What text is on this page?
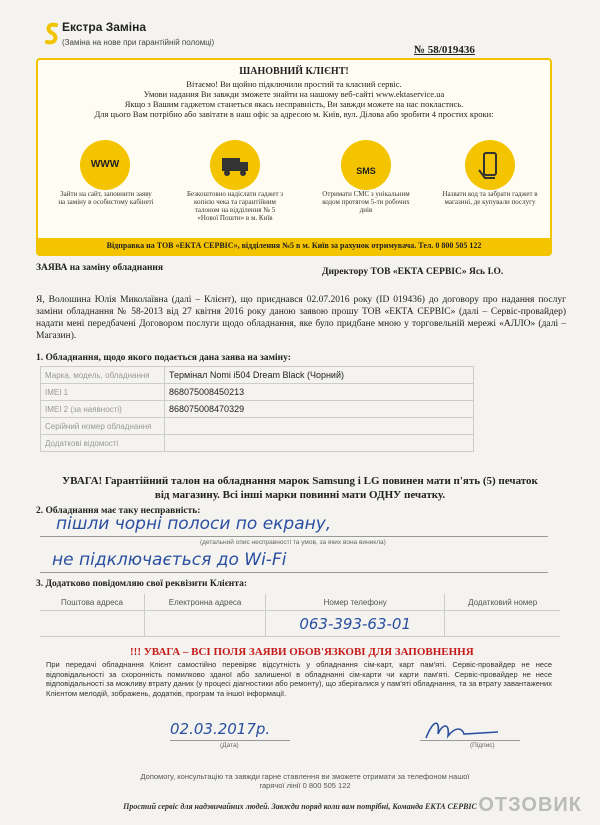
Екстра Заміна
(Заміна на нове при гарантійній поломці)
№ 58/019436
ШАНОВНИЙ КЛІЄНТ!
Вітаємо! Ви щойно підключили простий та класний сервіс.
Умови надання Ви завжди зможете знайти на нашому веб-сайті www.ektaservice.ua
Якщо з Вашим гаджетом станеться якась несправність, Ви завжди можете на нас покластись.
Для цього Вам потрібно або завітати в наш офіс за адресою м. Київ, вул. Ділова або зробити 4 простих кроки:
WWW
SMS
Зайти на сайт, заповнити заяву на заміну в особистому кабінеті
Безкоштовно надіслати гаджет з копією чека та гарантійним талоном на відділення № 5 «Нової Пошти» в м. Київ
Отримати СМС з унікальним кодом протягом 5-ти робочих днів
Назвати код та забрати гаджет в магазині, де купували послугу
Відправка на ТОВ «ЕКТА СЕРВІС», відділення №5 в м. Київ за рахунок отримувача. Тел. 0 800 505 122
ЗАЯВА на заміну обладнання	Директору ТОВ «ЕКТА СЕРВІС» Ясь І.О.
Я, Волошина Юлія Миколаївна (далі – Клієнт), що приєднався 02.07.2016 року (ID 019436) до договору про надання послуг заміни обладнання № 58-2013 від 27 квітня 2016 року даною заявою прошу ТОВ «ЕКТА СЕРВІС» (далі – Сервіс-провайдер) надати мені передбачені Договором послуги щодо обладнання, яке було придбане мною у торговельній мережі «АЛЛО» (далі – Магазин).
1. Обладнання, щодо якого подається дана заява на заміну:
Марка, модель, обладнання	Термінал Nomi i504 Dream Black (Чорний)
IMEI 1	868075008450213
IMEI 2 (за наявності)	868075008470329
Серійний номер обладнання	
Додаткові відомості	
УВАГА! Гарантійний талон на обладнання марок Samsung і LG повинен мати п'ять (5) печаток від магазину. Всі інші марки повинні мати ОДНУ печатку.
2. Обладнання має таку несправність:
пішли чорні полоси по екрану,
(детальний опис несправності та умов, за яких вона виникла)
не підключається до Wi-Fi
3. Додатково повідомляю свої реквізити Клієнта:
Поштова адреса	Електронна адреса	Номер телефону	Додатковий номер
		063-393-63-01	
!!! УВАГА – ВСІ ПОЛЯ ЗАЯВИ ОБОВ'ЯЗКОВІ ДЛЯ ЗАПОВНЕННЯ
При передачі обладнання Клієнт самостійно перевіряє відсутність у обладнання сім-карт, карт пам'яті. Сервіс-провайдер не несе відповідальності за схоронність помилково зданої або залишеної в обладнанні сім-карти чи карти пам'яті. Сервіс-провайдер не несе відповідальності за можливу втрату даних (у процесі діагностики або ремонту), що зберігалися у пам'яті обладнання, та за втрату завантажених Клієнтом мелодій, зображень, додатків, програм та іншої інформації.
02.03.2017р.
(Дата)	(Підпис)
Допомогу, консультацію та завжди гарне ставлення ви зможете отримати за телефоном нашої гарячої лінії 0 800 505 122
Простий сервіс для надзвичайних людей. Завжди поряд коли вам потрібні, Команда ЕКТА СЕРВІС ОТЗОВИК
